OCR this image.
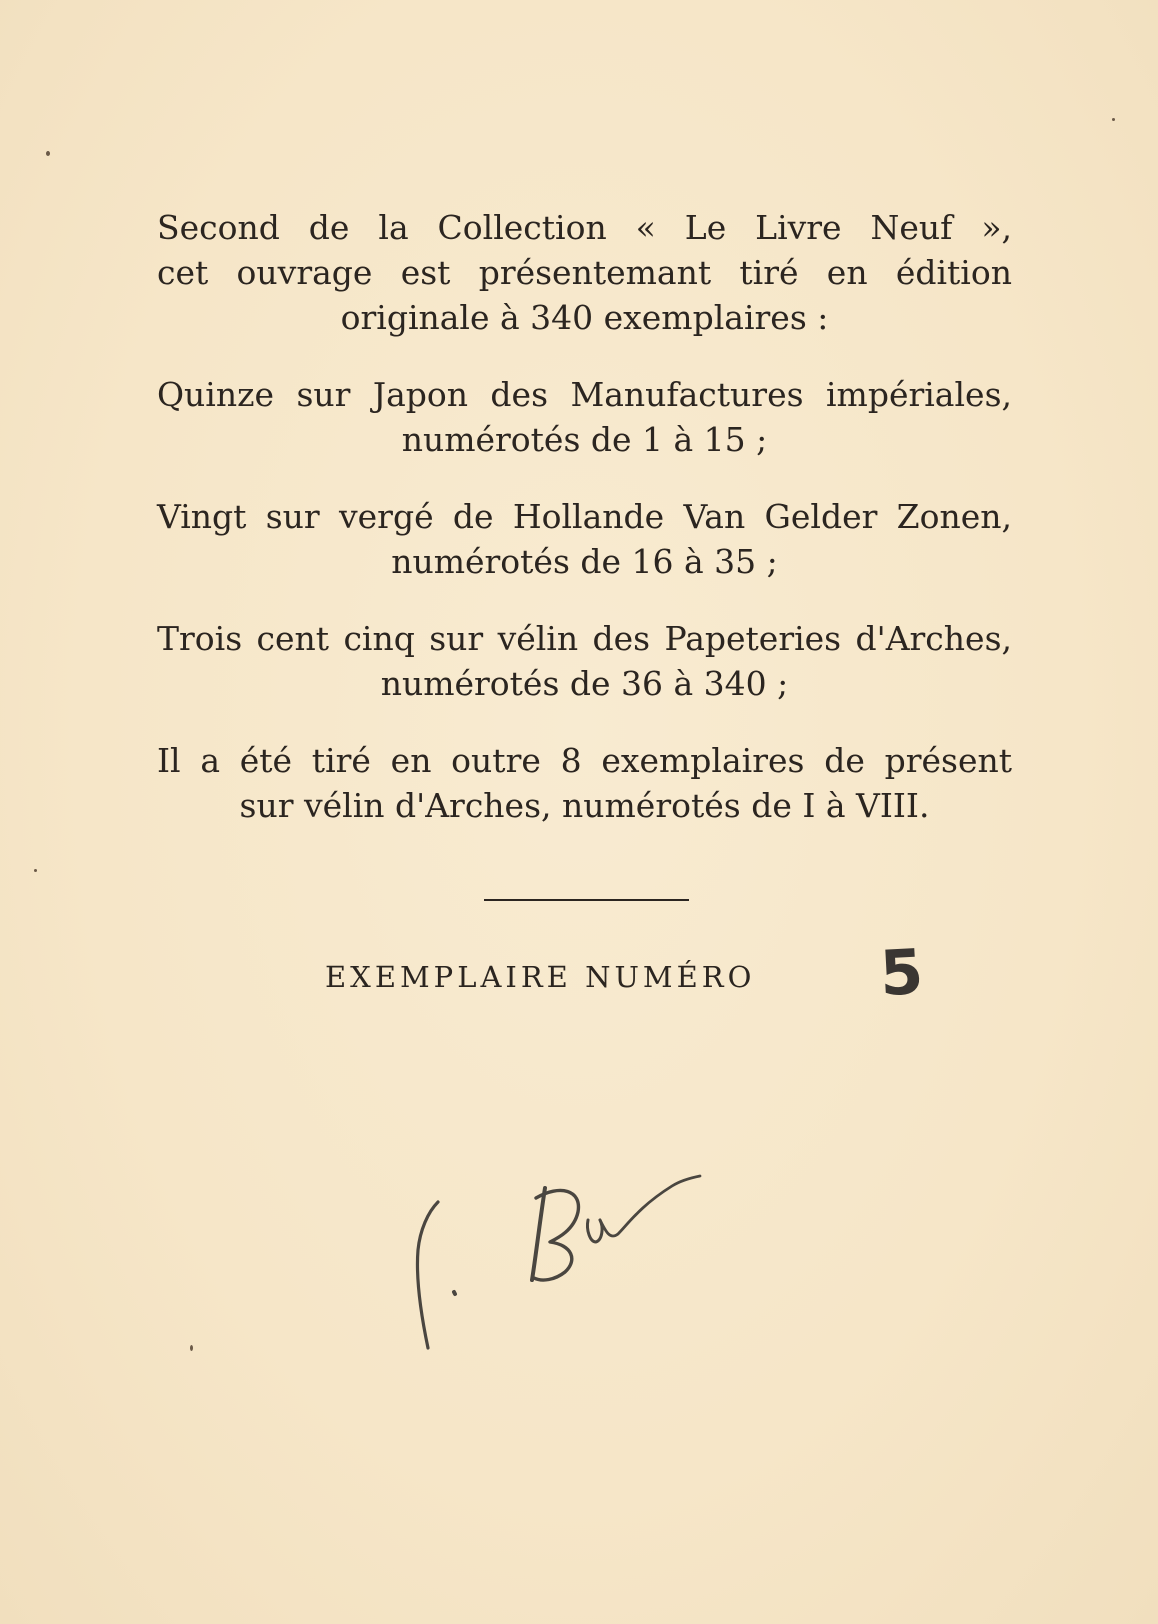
Second de la Collection « Le Livre Neuf »,
cet ouvrage est présentemant tiré en édition
originale à 340 exemplaires :

Quinze sur Japon des Manufactures impériales,
numérotés de 1 à 15 ;

Vingt sur vergé de Hollande Van Gelder Zonen,
numérotés de 16 à 35 ;

Trois cent cinq sur vélin des Papeteries d'Arches,
numérotés de 36 à 340 ;

Il a été tiré en outre 8 exemplaires de présent
sur vélin d'Arches, numérotés de I à VIII.

EXEMPLAIRE NUMÉRO 5
